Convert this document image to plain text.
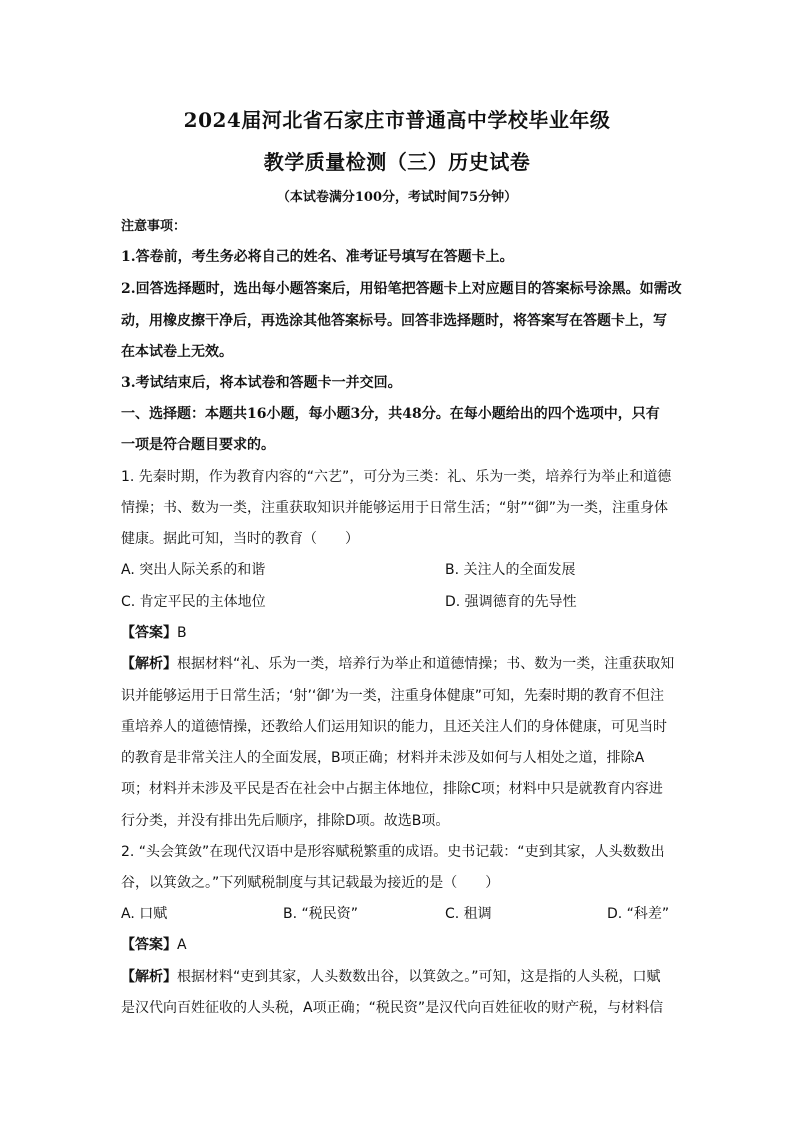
2024届河北省石家庄市普通高中学校毕业年级
教学质量检测（三）历史试卷
（本试卷满分100分，考试时间75分钟）
注意事项：
1.答卷前，考生务必将自己的姓名、准考证号填写在答题卡上。
2.回答选择题时，选出每小题答案后，用铅笔把答题卡上对应题目的答案标号涂黑。如需改
动，用橡皮擦干净后，再选涂其他答案标号。回答非选择题时，将答案写在答题卡上，写
在本试卷上无效。
3.考试结束后，将本试卷和答题卡一并交回。
一、选择题：本题共16小题，每小题3分，共48分。在每小题给出的四个选项中，只有
一项是符合题目要求的。
1. 先秦时期，作为教育内容的“六艺”，可分为三类：礼、乐为一类，培养行为举止和道德
情操；书、数为一类，注重获取知识并能够运用于日常生活；“射”“御”为一类，注重身体
健康。据此可知，当时的教育（　　）
A. 突出人际关系的和谐	B. 关注人的全面发展
C. 肯定平民的主体地位	D. 强调德育的先导性
【答案】B
【解析】根据材料“礼、乐为一类，培养行为举止和道德情操；书、数为一类，注重获取知
识并能够运用于日常生活；‘射’‘御’为一类，注重身体健康”可知，先秦时期的教育不但注
重培养人的道德情操，还教给人们运用知识的能力，且还关注人们的身体健康，可见当时
的教育是非常关注人的全面发展，B项正确；材料并未涉及如何与人相处之道，排除A
项；材料并未涉及平民是否在社会中占据主体地位，排除C项；材料中只是就教育内容进
行分类，并没有排出先后顺序，排除D项。故选B项。
2. “头会箕敛”在现代汉语中是形容赋税繁重的成语。史书记载：“吏到其家，人头数数出
谷，以箕敛之。”下列赋税制度与其记载最为接近的是（　　）
A. 口赋	B. “税民资”	C. 租调	D. “科差”
【答案】A
【解析】根据材料“吏到其家，人头数数出谷，以箕敛之。”可知，这是指的人头税，口赋
是汉代向百姓征收的人头税，A项正确；“税民资”是汉代向百姓征收的财产税，与材料信
